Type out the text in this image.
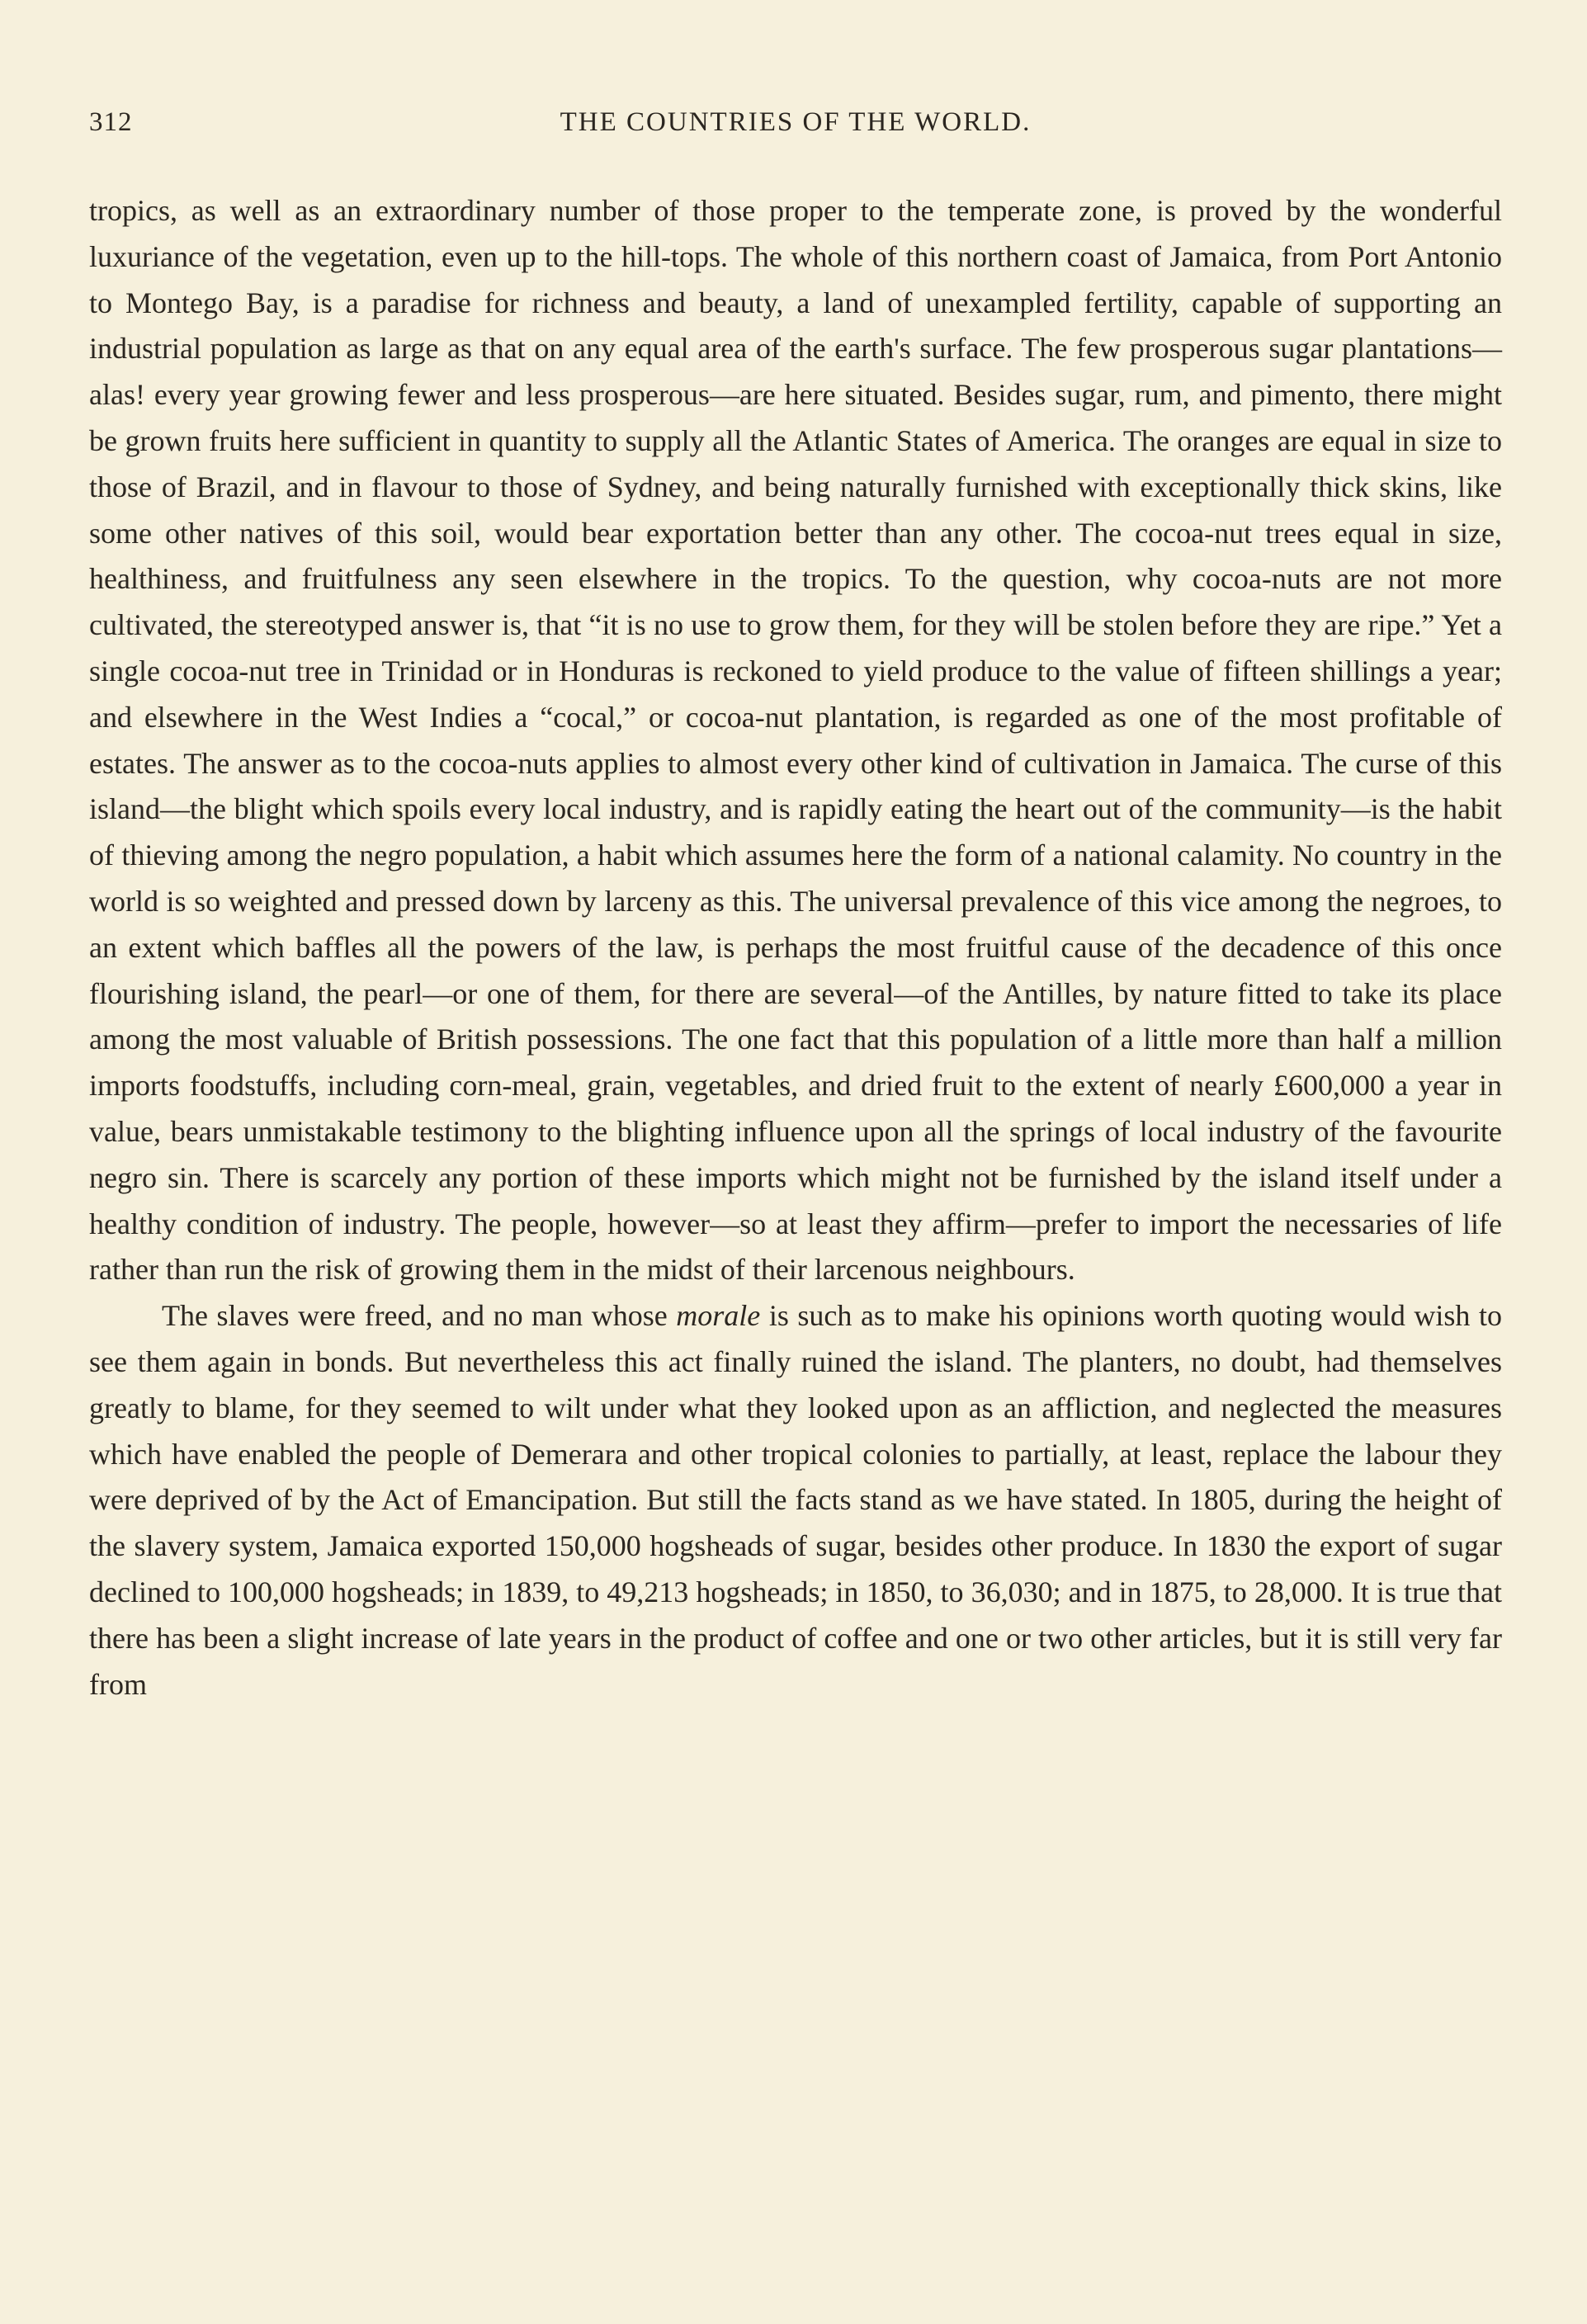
312	THE COUNTRIES OF THE WORLD.

tropics, as well as an extraordinary number of those proper to the temperate zone, is proved by the wonderful luxuriance of the vegetation, even up to the hill-tops. The whole of this northern coast of Jamaica, from Port Antonio to Montego Bay, is a paradise for richness and beauty, a land of unexampled fertility, capable of supporting an industrial population as large as that on any equal area of the earth's surface. The few prosperous sugar plantations—alas! every year growing fewer and less prosperous—are here situated. Besides sugar, rum, and pimento, there might be grown fruits here sufficient in quantity to supply all the Atlantic States of America. The oranges are equal in size to those of Brazil, and in flavour to those of Sydney, and being naturally furnished with exceptionally thick skins, like some other natives of this soil, would bear exportation better than any other. The cocoa-nut trees equal in size, healthiness, and fruitfulness any seen elsewhere in the tropics. To the question, why cocoa-nuts are not more cultivated, the stereotyped answer is, that “it is no use to grow them, for they will be stolen before they are ripe.” Yet a single cocoa-nut tree in Trinidad or in Honduras is reckoned to yield produce to the value of fifteen shillings a year; and elsewhere in the West Indies a “cocal,” or cocoa-nut plantation, is regarded as one of the most profitable of estates. The answer as to the cocoa-nuts applies to almost every other kind of cultivation in Jamaica. The curse of this island—the blight which spoils every local industry, and is rapidly eating the heart out of the community—is the habit of thieving among the negro population, a habit which assumes here the form of a national calamity. No country in the world is so weighted and pressed down by larceny as this. The universal prevalence of this vice among the negroes, to an extent which baffles all the powers of the law, is perhaps the most fruitful cause of the decadence of this once flourishing island, the pearl—or one of them, for there are several—of the Antilles, by nature fitted to take its place among the most valuable of British possessions. The one fact that this population of a little more than half a million imports foodstuffs, including corn-meal, grain, vegetables, and dried fruit to the extent of nearly £600,000 a year in value, bears unmistakable testimony to the blighting influence upon all the springs of local industry of the favourite negro sin. There is scarcely any portion of these imports which might not be furnished by the island itself under a healthy condition of industry. The people, however—so at least they affirm—prefer to import the necessaries of life rather than run the risk of growing them in the midst of their larcenous neighbours.

The slaves were freed, and no man whose morale is such as to make his opinions worth quoting would wish to see them again in bonds. But nevertheless this act finally ruined the island. The planters, no doubt, had themselves greatly to blame, for they seemed to wilt under what they looked upon as an affliction, and neglected the measures which have enabled the people of Demerara and other tropical colonies to partially, at least, replace the labour they were deprived of by the Act of Emancipation. But still the facts stand as we have stated. In 1805, during the height of the slavery system, Jamaica exported 150,000 hogsheads of sugar, besides other produce. In 1830 the export of sugar declined to 100,000 hogsheads; in 1839, to 49,213 hogsheads; in 1850, to 36,030; and in 1875, to 28,000. It is true that there has been a slight increase of late years in the product of coffee and one or two other articles, but it is still very far from
